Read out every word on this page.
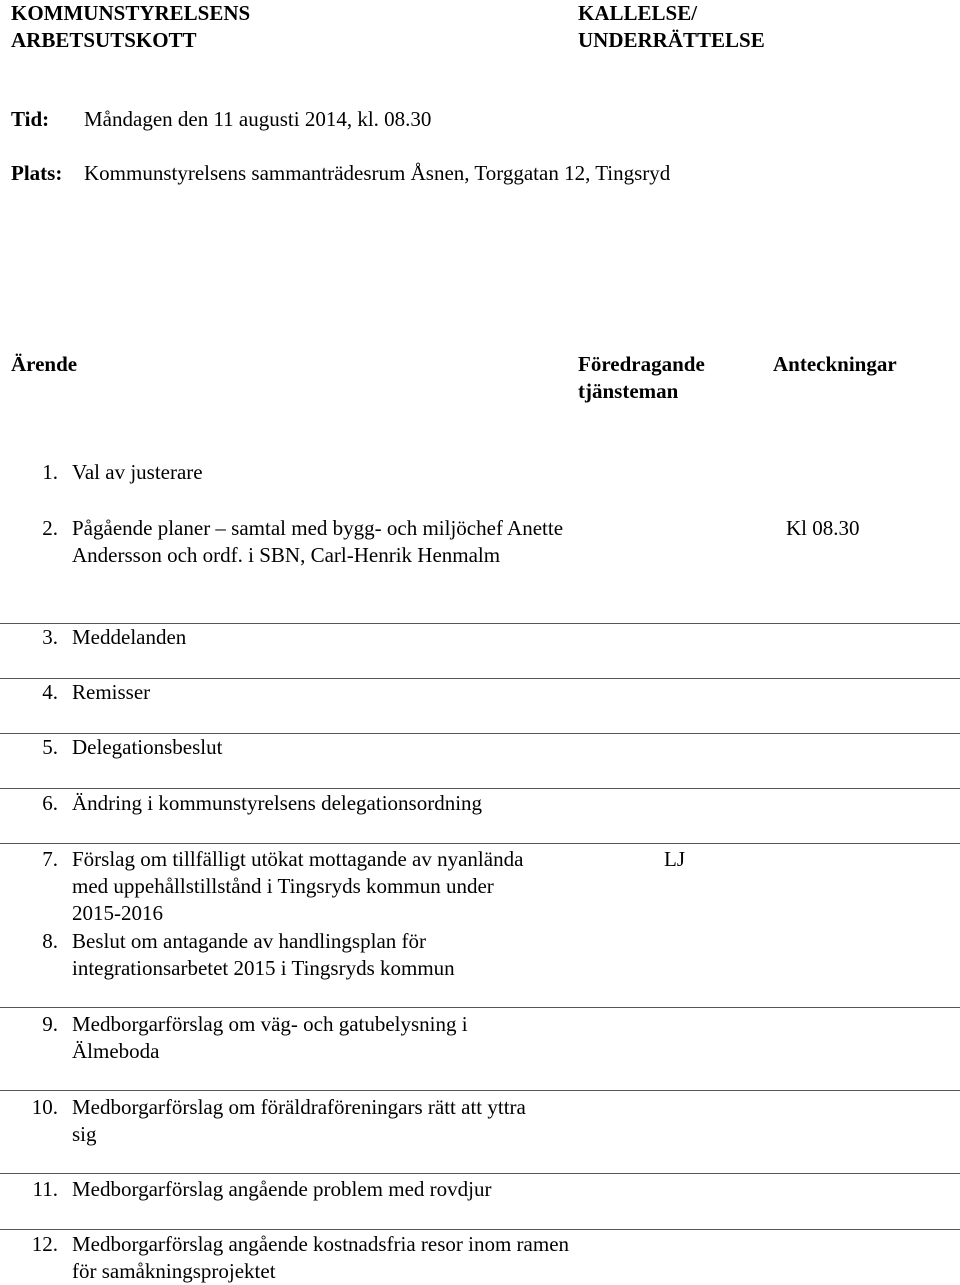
KOMMUNSTYRELSENS
ARBETSUTSKOTT
KALLELSE/
UNDERRÄTTELSE
Tid: Måndagen den 11 augusti 2014, kl. 08.30
Plats: Kommunstyrelsens sammanträdesrum Åsnen, Torggatan 12, Tingsryd
Ärende	Föredragande
tjänsteman
Anteckningar
1. Val av justerare
2. Pågående planer – samtal med bygg- och miljöchef Anette Andersson och ordf. i SBN, Carl-Henrik Henmalm
Kl 08.30
3. Meddelanden
4. Remisser
5. Delegationsbeslut
6. Ändring i kommunstyrelsens delegationsordning
7. Förslag om tillfälligt utökat mottagande av nyanlända med uppehållstillstånd i Tingsryds kommun under 2015-2016
LJ
8. Beslut om antagande av handlingsplan för integrationsarbetet 2015 i Tingsryds kommun
9. Medborgarförslag om väg- och gatubelysning i Älmeboda
10. Medborgarförslag om föräldraföreningars rätt att yttra sig
11. Medborgarförslag angående problem med rovdjur
12. Medborgarförslag angående kostnadsfria resor inom ramen för samåkningsprojektet
